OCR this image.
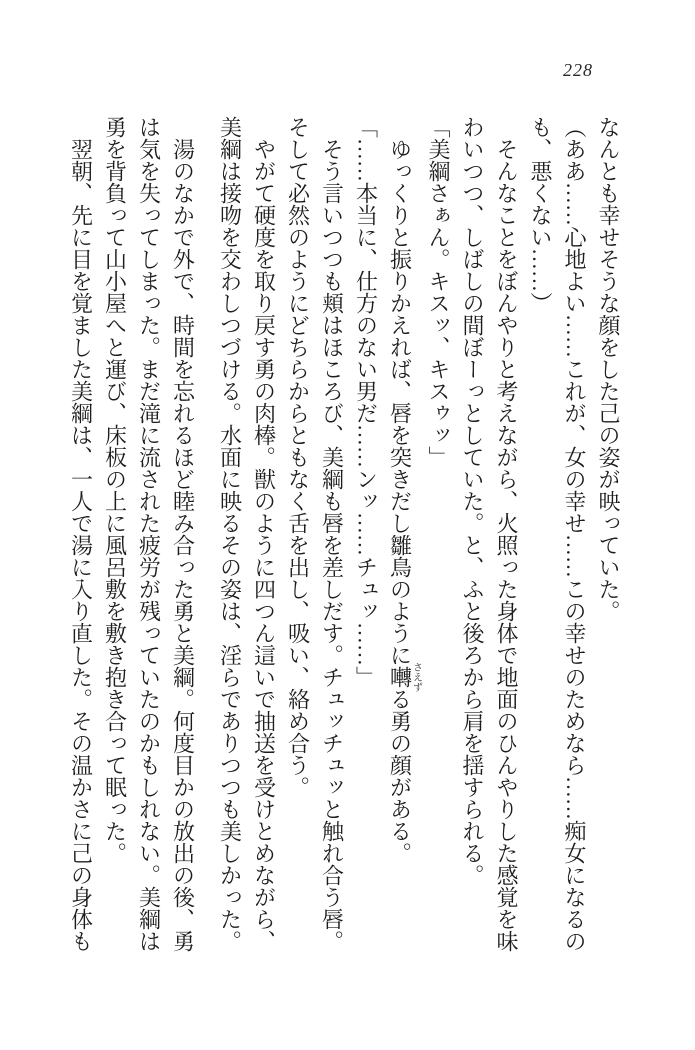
228
なんとも幸せそうな顔をした己の姿が映っていた。
（ああ……心地よい……これが、女の幸せ……この幸せのためなら……痴女になるの
も、悪くない……）
そんなことをぼんやりと考えながら、火照った身体で地面のひんやりした感覚を味
わいつつ、しばしの間ぼーっとしていた。と、ふと後ろから肩を揺すられる。
「美綱さぁん。キスッ、キスゥッ」
ゆっくりと振りかえれば、唇を突きだし雛鳥のように囀さえずる勇の顔がある。
「……本当に、仕方のない男だ……ンッ……チュッ……」
そう言いつつも頬はほころび、美綱も唇を差しだす。チュッチュッと触れ合う唇。
そして必然のようにどちらからともなく舌を出し、吸い、絡め合う。
やがて硬度を取り戻す勇の肉棒。獣のように四つん這いで抽送を受けとめながら、
美綱は接吻を交わしつづける。水面に映るその姿は、淫らでありつつも美しかった。
湯のなかで外で、時間を忘れるほど睦み合った勇と美綱。何度目かの放出の後、勇
は気を失ってしまった。まだ滝に流された疲労が残っていたのかもしれない。美綱は
勇を背負って山小屋へと運び、床板の上に風呂敷を敷き抱き合って眠った。
翌朝、先に目を覚ました美綱は、一人で湯に入り直した。その温かさに己の身体も
